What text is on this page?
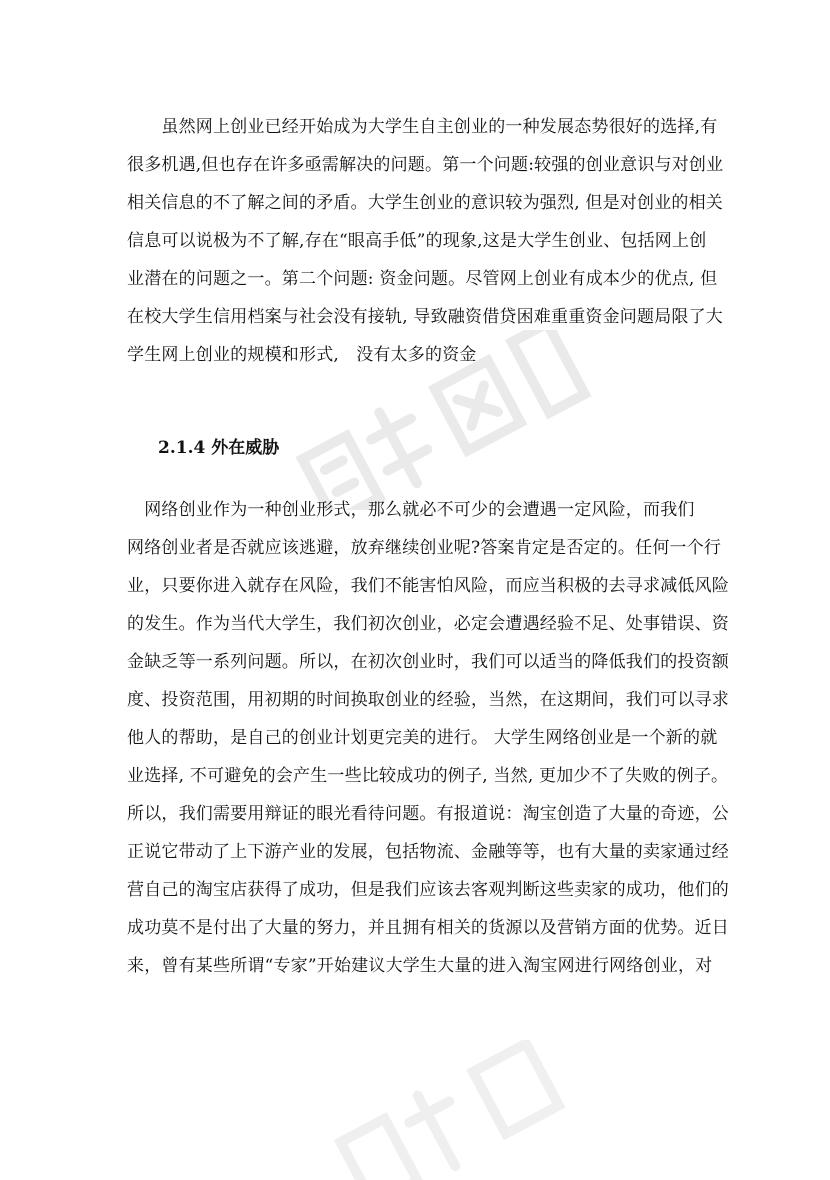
　　虽然网上创业已经开始成为大学生自主创业的一种发展态势很好的选择,有
很多机遇,但也存在许多亟需解决的问题。第一个问题:较强的创业意识与对创业
相关信息的不了解之间的矛盾。大学生创业的意识较为强烈, 但是对创业的相关
信息可以说极为不了解,存在“眼高手低”的现象,这是大学生创业、包括网上创
业潜在的问题之一。第二个问题: 资金问题。尽管网上创业有成本少的优点, 但
在校大学生信用档案与社会没有接轨, 导致融资借贷困难重重资金问题局限了大
学生网上创业的规模和形式,　没有太多的资金
2.1.4 外在威胁
　网络创业作为一种创业形式，那么就必不可少的会遭遇一定风险，而我们
网络创业者是否就应该逃避，放弃继续创业呢?答案肯定是否定的。任何一个行
业，只要你进入就存在风险，我们不能害怕风险，而应当积极的去寻求减低风险
的发生。作为当代大学生，我们初次创业，必定会遭遇经验不足、处事错误、资
金缺乏等一系列问题。所以，在初次创业时，我们可以适当的降低我们的投资额
度、投资范围，用初期的时间换取创业的经验，当然，在这期间，我们可以寻求
他人的帮助，是自己的创业计划更完美的进行。 大学生网络创业是一个新的就
业选择, 不可避免的会产生一些比较成功的例子, 当然, 更加少不了失败的例子。
所以，我们需要用辩证的眼光看待问题。有报道说：淘宝创造了大量的奇迹，公
正说它带动了上下游产业的发展，包括物流、金融等等，也有大量的卖家通过经
营自己的淘宝店获得了成功，但是我们应该去客观判断这些卖家的成功，他们的
成功莫不是付出了大量的努力，并且拥有相关的货源以及营销方面的优势。近日
来，曾有某些所谓“专家”开始建议大学生大量的进入淘宝网进行网络创业，对
